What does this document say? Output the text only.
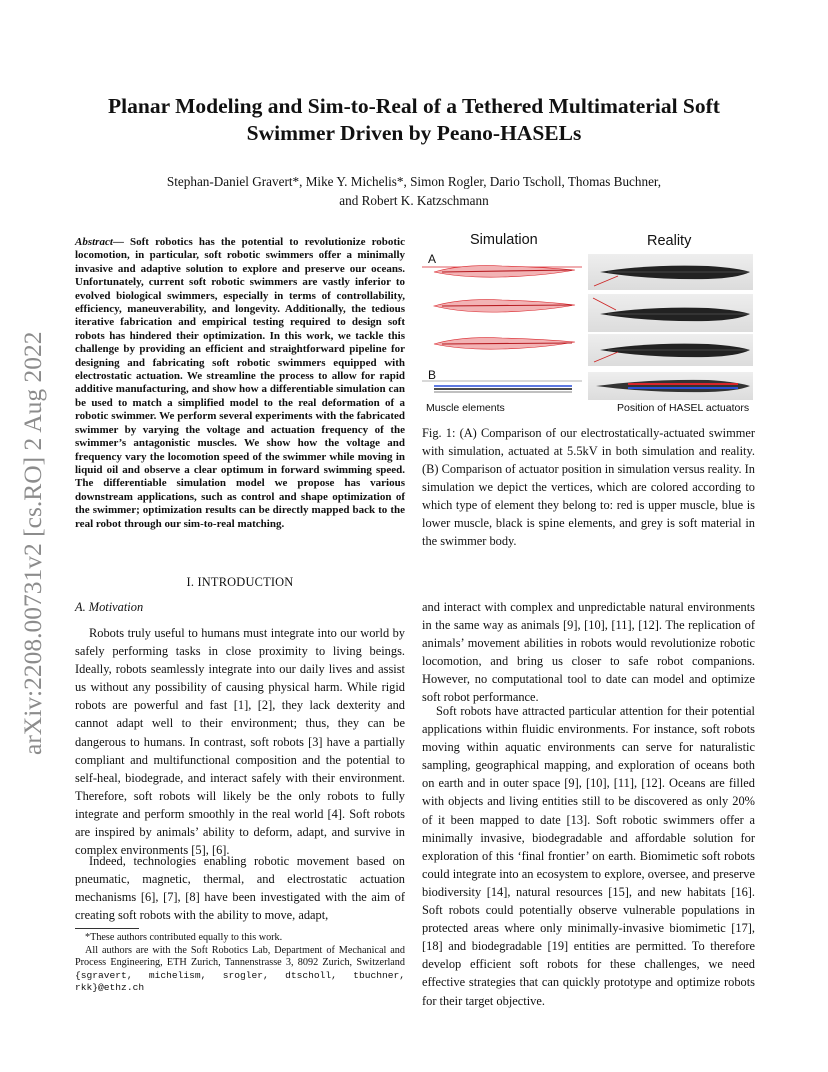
arXiv:2208.00731v2 [cs.RO] 2 Aug 2022
Planar Modeling and Sim-to-Real of a Tethered Multimaterial Soft
Swimmer Driven by Peano-HASELs
Stephan-Daniel Gravert*, Mike Y. Michelis*, Simon Rogler, Dario Tscholl, Thomas Buchner,
and Robert K. Katzschmann
Abstract— Soft robotics has the potential to revolutionize robotic locomotion, in particular, soft robotic swimmers offer a minimally invasive and adaptive solution to explore and preserve our oceans. Unfortunately, current soft robotic swimmers are vastly inferior to evolved biological swimmers, especially in terms of controllability, efficiency, maneuverability, and longevity. Additionally, the tedious iterative fabrication and empirical testing required to design soft robots has hindered their optimization. In this work, we tackle this challenge by providing an efficient and straightforward pipeline for designing and fabricating soft robotic swimmers equipped with electrostatic actuation. We streamline the process to allow for rapid additive manufacturing, and show how a differentiable simulation can be used to match a simplified model to the real deformation of a robotic swimmer. We perform several experiments with the fabricated swimmer by varying the voltage and actuation frequency of the swimmer’s antagonistic muscles. We show how the voltage and frequency vary the locomotion speed of the swimmer while moving in liquid oil and observe a clear optimum in forward swimming speed. The differentiable simulation model we propose has various downstream applications, such as control and shape optimization of the swimmer; optimization results can be directly mapped back to the real robot through our sim-to-real matching.
I. INTRODUCTION
A. Motivation
Robots truly useful to humans must integrate into our world by safely performing tasks in close proximity to living beings. Ideally, robots seamlessly integrate into our daily lives and assist us without any possibility of causing physical harm. While rigid robots are powerful and fast [1], [2], they lack dexterity and cannot adapt well to their environment; thus, they can be dangerous to humans. In contrast, soft robots [3] have a partially compliant and multifunctional composition and the potential to self-heal, biodegrade, and interact safely with their environment. Therefore, soft robots will likely be the only robots to fully integrate and perform smoothly in the real world [4]. Soft robots are inspired by animals’ ability to deform, adapt, and survive in complex environments [5], [6].
Indeed, technologies enabling robotic movement based on pneumatic, magnetic, thermal, and electrostatic actuation mechanisms [6], [7], [8] have been investigated with the aim of creating soft robots with the ability to move, adapt,
*These authors contributed equally to this work.
All authors are with the Soft Robotics Lab, Department of Mechanical and Process Engineering, ETH Zurich, Tannenstrasse 3, 8092 Zurich, Switzerland {sgravert, michelism, srogler, dtscholl, tbuchner, rkk}@ethz.ch
Simulation	Reality
A
B
Muscle elements	Position of HASEL actuators
Fig. 1: (A) Comparison of our electrostatically-actuated swimmer with simulation, actuated at 5.5kV in both simulation and reality. (B) Comparison of actuator position in simulation versus reality. In simulation we depict the vertices, which are colored according to which type of element they belong to: red is upper muscle, blue is lower muscle, black is spine elements, and grey is soft material in the swimmer body.
and interact with complex and unpredictable natural environments in the same way as animals [9], [10], [11], [12]. The replication of animals’ movement abilities in robots would revolutionize robotic locomotion, and bring us closer to safe robot companions. However, no computational tool to date can model and optimize soft robot performance.
Soft robots have attracted particular attention for their potential applications within fluidic environments. For instance, soft robots moving within aquatic environments can serve for naturalistic sampling, geographical mapping, and exploration of oceans both on earth and in outer space [9], [10], [11], [12]. Oceans are filled with objects and living entities still to be discovered as only 20% of it been mapped to date [13]. Soft robotic swimmers offer a minimally invasive, biodegradable and affordable solution for exploration of this ‘final frontier’ on earth. Biomimetic soft robots could integrate into an ecosystem to explore, oversee, and preserve biodiversity [14], natural resources [15], and new habitats [16]. Soft robots could potentially observe vulnerable populations in protected areas where only minimally-invasive biomimetic [17], [18] and biodegradable [19] entities are permitted. To therefore develop efficient soft robots for these challenges, we need effective strategies that can quickly prototype and optimize robots for their target objective.
